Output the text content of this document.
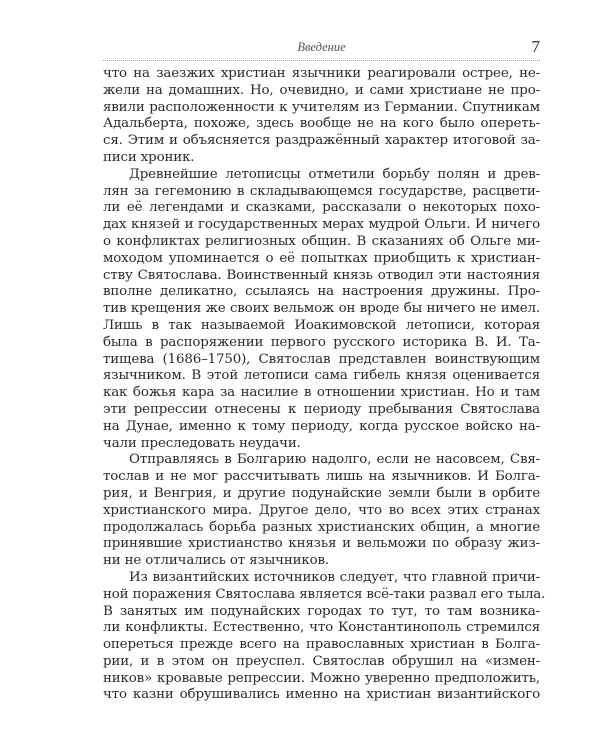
Введение	7
что на заезжих христиан язычники реагировали острее, не-
жели на домашних. Но, очевидно, и сами христиане не про-
явили расположенности к учителям из Германии. Спутникам
Адальберта, похоже, здесь вообще не на кого было опереть-
ся. Этим и объясняется раздражённый характер итоговой за-
писи хроник.
Древнейшие летописцы отметили борьбу полян и древ-
лян за гегемонию в складывающемся государстве, расцвети-
ли её легендами и сказками, рассказали о некоторых похо-
дах князей и государственных мерах мудрой Ольги. И ничего
о конфликтах религиозных общин. В сказаниях об Ольге ми-
моходом упоминается о её попытках приобщить к христиан-
ству Святослава. Воинственный князь отводил эти настояния
вполне деликатно, ссылаясь на настроения дружины. Про-
тив крещения же своих вельмож он вроде бы ничего не имел.
Лишь в так называемой Иоакимовской летописи, которая
была в распоряжении первого русского историка В. И. Та-
тищева (1686–1750), Святослав представлен воинствующим
язычником. В этой летописи сама гибель князя оценивается
как божья кара за насилие в отношении христиан. Но и там
эти репрессии отнесены к периоду пребывания Святослава
на Дунае, именно к тому периоду, когда русское войско на-
чали преследовать неудачи.
Отправляясь в Болгарию надолго, если не насовсем, Свя-
тослав и не мог рассчитывать лишь на язычников. И Болга-
рия, и Венгрия, и другие подунайские земли были в орбите
христианского мира. Другое дело, что во всех этих странах
продолжалась борьба разных христианских общин, а многие
принявшие христианство князья и вельможи по образу жиз-
ни не отличались от язычников.
Из византийских источников следует, что главной причи-
ной поражения Святослава является всё-таки развал его тыла.
В занятых им подунайских городах то тут, то там возника-
ли конфликты. Естественно, что Константинополь стремился
опереться прежде всего на православных христиан в Болга-
рии, и в этом он преуспел. Святослав обрушил на «измен-
ников» кровавые репрессии. Можно уверенно предположить,
что казни обрушивались именно на христиан византийского
